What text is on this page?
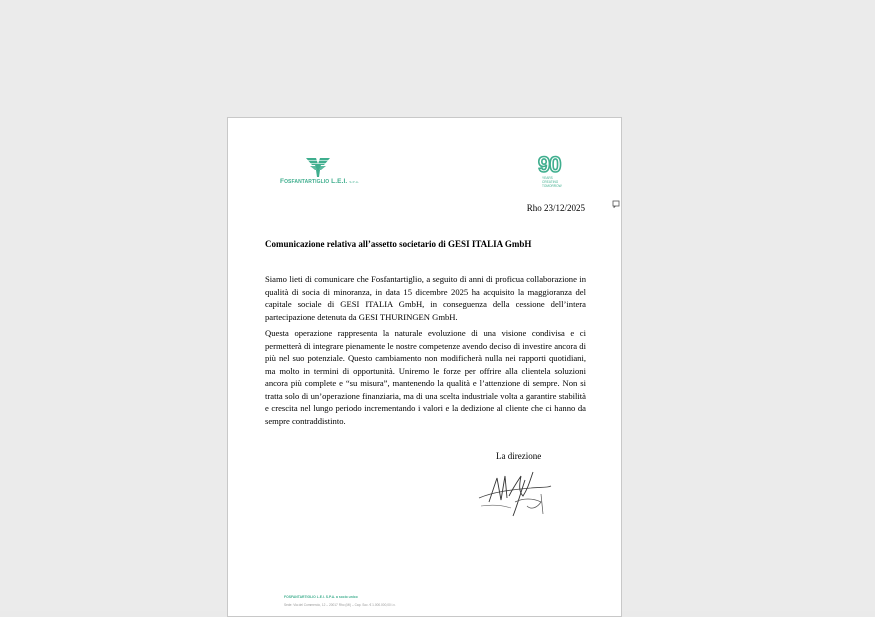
Fosfantartiglio L.E.I. s.p.a.
90
YEARS
CREATING
TOMORROW
Rho 23/12/2025
Comunicazione relativa all’assetto societario di GESI ITALIA GmbH

Siamo lieti di comunicare che Fosfantartiglio, a seguito di anni di proficua collaborazione in qualità di socia di minoranza, in data 15 dicembre 2025 ha acquisito la maggioranza del capitale sociale di GESI ITALIA GmbH, in conseguenza della cessione dell’intera partecipazione detenuta da GESI THURINGEN GmbH.

Questa operazione rappresenta la naturale evoluzione di una visione condivisa e ci permetterà di integrare pienamente le nostre competenze avendo deciso di investire ancora di più nel suo potenziale. Questo cambiamento non modificherà nulla nei rapporti quotidiani, ma molto in termini di opportunità. Uniremo le forze per offrire alla clientela soluzioni ancora più complete e “su misura”, mantenendo la qualità e l’attenzione di sempre. Non si tratta solo di un’operazione finanziaria, ma di una scelta industriale volta a garantire stabilità e crescita nel lungo periodo incrementando i valori e la dedizione al cliente che ci hanno da sempre contraddistinto.

La direzione
FOSFANTARTIGLIO L.E.I. S.P.A. a socio unico
Sede: Via del Commercio, 12 – 20017 Rho (MI) – Cap. Soc. € 1.000.000,00 i.v.
